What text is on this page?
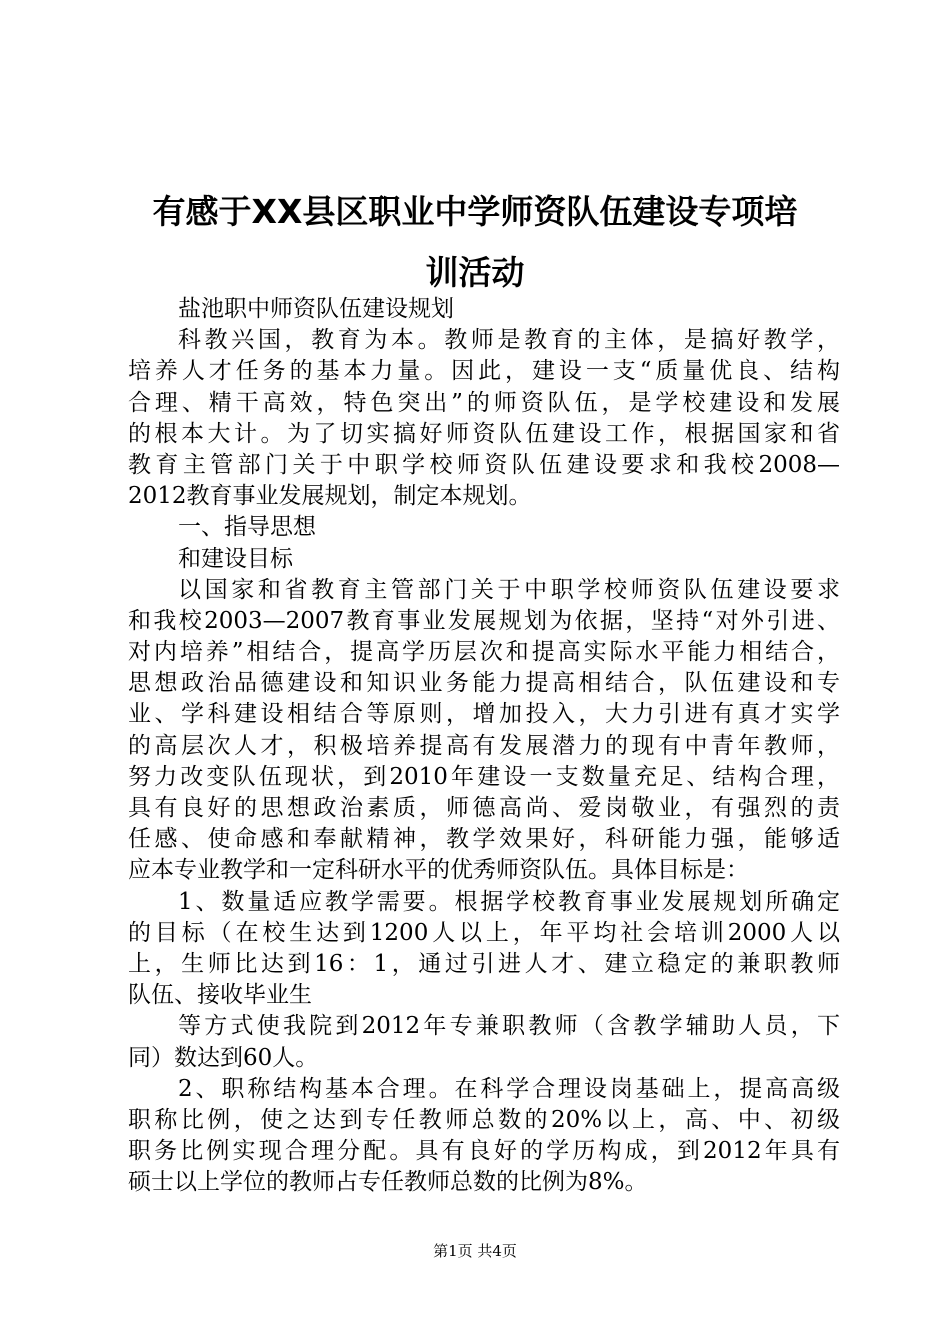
有感于XX县区职业中学师资队伍建设专项培
训活动
盐池职中师资队伍建设规划
科教兴国，教育为本。教师是教育的主体，是搞好教学，
培养人才任务的基本力量。因此，建设一支“质量优良、结构
合理、精干高效，特色突出”的师资队伍，是学校建设和发展
的根本大计。为了切实搞好师资队伍建设工作，根据国家和省
教育主管部门关于中职学校师资队伍建设要求和我校2008—
2012教育事业发展规划，制定本规划。
一、指导思想
和建设目标
以国家和省教育主管部门关于中职学校师资队伍建设要求
和我校2003—2007教育事业发展规划为依据，坚持“对外引进、
对内培养”相结合，提高学历层次和提高实际水平能力相结合，
思想政治品德建设和知识业务能力提高相结合，队伍建设和专
业、学科建设相结合等原则，增加投入，大力引进有真才实学
的高层次人才，积极培养提高有发展潜力的现有中青年教师，
努力改变队伍现状，到2010年建设一支数量充足、结构合理，
具有良好的思想政治素质，师德高尚、爱岗敬业，有强烈的责
任感、使命感和奉献精神，教学效果好，科研能力强，能够适
应本专业教学和一定科研水平的优秀师资队伍。具体目标是：
1、数量适应教学需要。根据学校教育事业发展规划所确定
的目标（在校生达到1200人以上，年平均社会培训2000人以
上，生师比达到16：1，通过引进人才、建立稳定的兼职教师
队伍、接收毕业生
等方式使我院到2012年专兼职教师（含教学辅助人员，下
同）数达到60人。
2、职称结构基本合理。在科学合理设岗基础上，提高高级
职称比例，使之达到专任教师总数的20%以上，高、中、初级
职务比例实现合理分配。具有良好的学历构成，到2012年具有
硕士以上学位的教师占专任教师总数的比例为8%。
第1页 共4页
